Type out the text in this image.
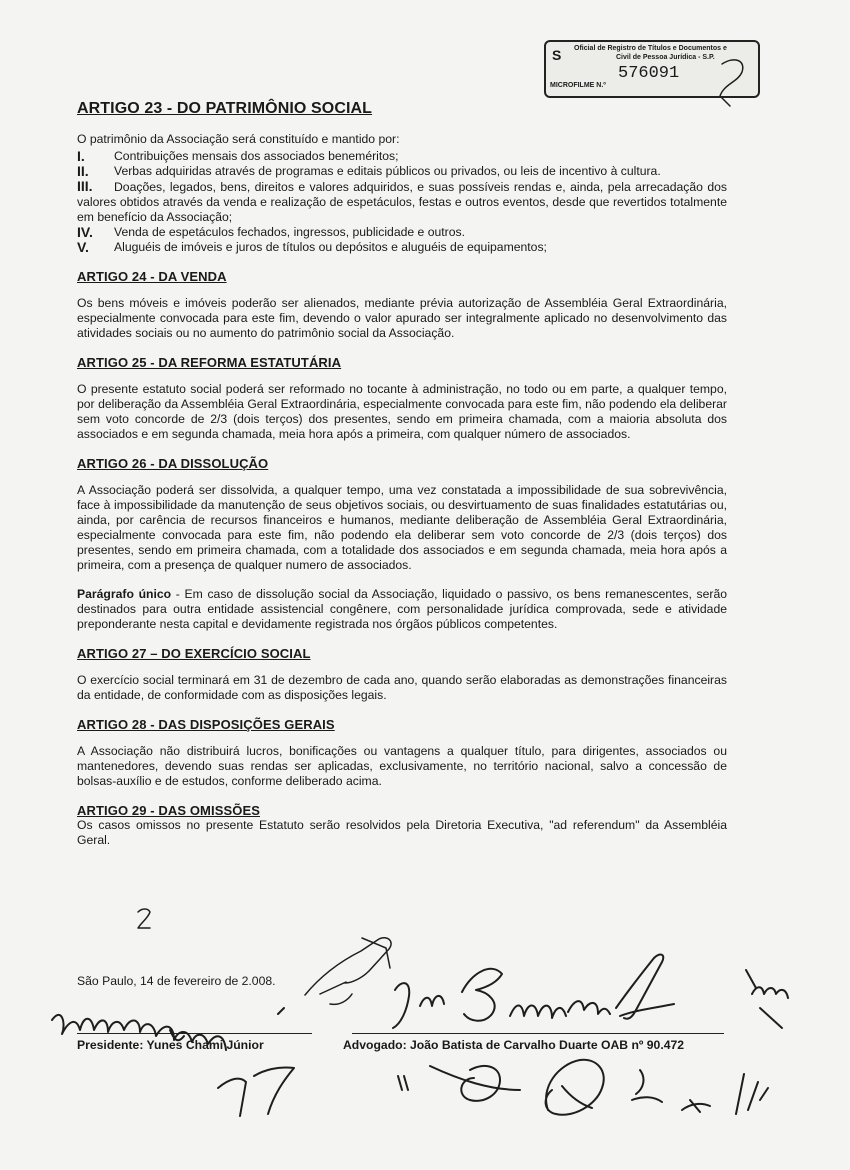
S Oficial de Registro de Títulos e Documentos e
Civil de Pessoa Jurídica - S.P.
576091
MICROFILME N.º
ARTIGO 23 - DO PATRIMÔNIO SOCIAL

O patrimônio da Associação será constituído e mantido por:

I.	Contribuições mensais dos associados beneméritos;
II.	Verbas adquiridas através de programas e editais públicos ou privados, ou leis de incentivo à cultura.
III. Doações, legados, bens, direitos e valores adquiridos, e suas possíveis rendas e, ainda, pela arrecadação dos valores obtidos através da venda e realização de espetáculos, festas e outros eventos, desde que revertidos totalmente em benefício da Associação;
IV.	Venda de espetáculos fechados, ingressos, publicidade e outros.
V.	Aluguéis de imóveis e juros de títulos ou depósitos e aluguéis de equipamentos;
ARTIGO 24 - DA VENDA

Os bens móveis e imóveis poderão ser alienados, mediante prévia autorização de Assembléia Geral Extraordinária, especialmente convocada para este fim, devendo o valor apurado ser integralmente aplicado no desenvolvimento das atividades sociais ou no aumento do patrimônio social da Associação.

ARTIGO 25 - DA REFORMA ESTATUTÁRIA

O presente estatuto social poderá ser reformado no tocante à administração, no todo ou em parte, a qualquer tempo, por deliberação da Assembléia Geral Extraordinária, especialmente convocada para este fim, não podendo ela deliberar sem voto concorde de 2/3 (dois terços) dos presentes, sendo em primeira chamada, com a maioria absoluta dos associados e em segunda chamada, meia hora após a primeira, com qualquer número de associados.

ARTIGO 26 - DA DISSOLUÇÃO

A Associação poderá ser dissolvida, a qualquer tempo, uma vez constatada a impossibilidade de sua sobrevivência, face à impossibilidade da manutenção de seus objetivos sociais, ou desvirtuamento de suas finalidades estatutárias ou, ainda, por carência de recursos financeiros e humanos, mediante deliberação de Assembléia Geral Extraordinária, especialmente convocada para este fim, não podendo ela deliberar sem voto concorde de 2/3 (dois terços) dos presentes, sendo em primeira chamada, com a totalidade dos associados e em segunda chamada, meia hora após a primeira, com a presença de qualquer numero de associados.

Parágrafo único - Em caso de dissolução social da Associação, liquidado o passivo, os bens remanescentes, serão destinados para outra entidade assistencial congênere, com personalidade jurídica comprovada, sede e atividade preponderante nesta capital e devidamente registrada nos órgãos públicos competentes.

ARTIGO 27 – DO EXERCÍCIO SOCIAL

O exercício social terminará em 31 de dezembro de cada ano, quando serão elaboradas as demonstrações financeiras da entidade, de conformidade com as disposições legais.

ARTIGO 28 - DAS DISPOSIÇÕES GERAIS

A Associação não distribuirá lucros, bonificações ou vantagens a qualquer título, para dirigentes, associados ou mantenedores, devendo suas rendas ser aplicadas, exclusivamente, no território nacional, salvo a concessão de bolsas-auxílio e de estudos, conforme deliberado acima.

ARTIGO 29 - DAS OMISSÕES

Os casos omissos no presente Estatuto serão resolvidos pela Diretoria Executiva, "ad referendum" da Assembléia Geral.

São Paulo, 14 de fevereiro de 2.008.
Presidente: Yunes Chami Júnior	Advogado: João Batista de Carvalho Duarte OAB nº 90.472
